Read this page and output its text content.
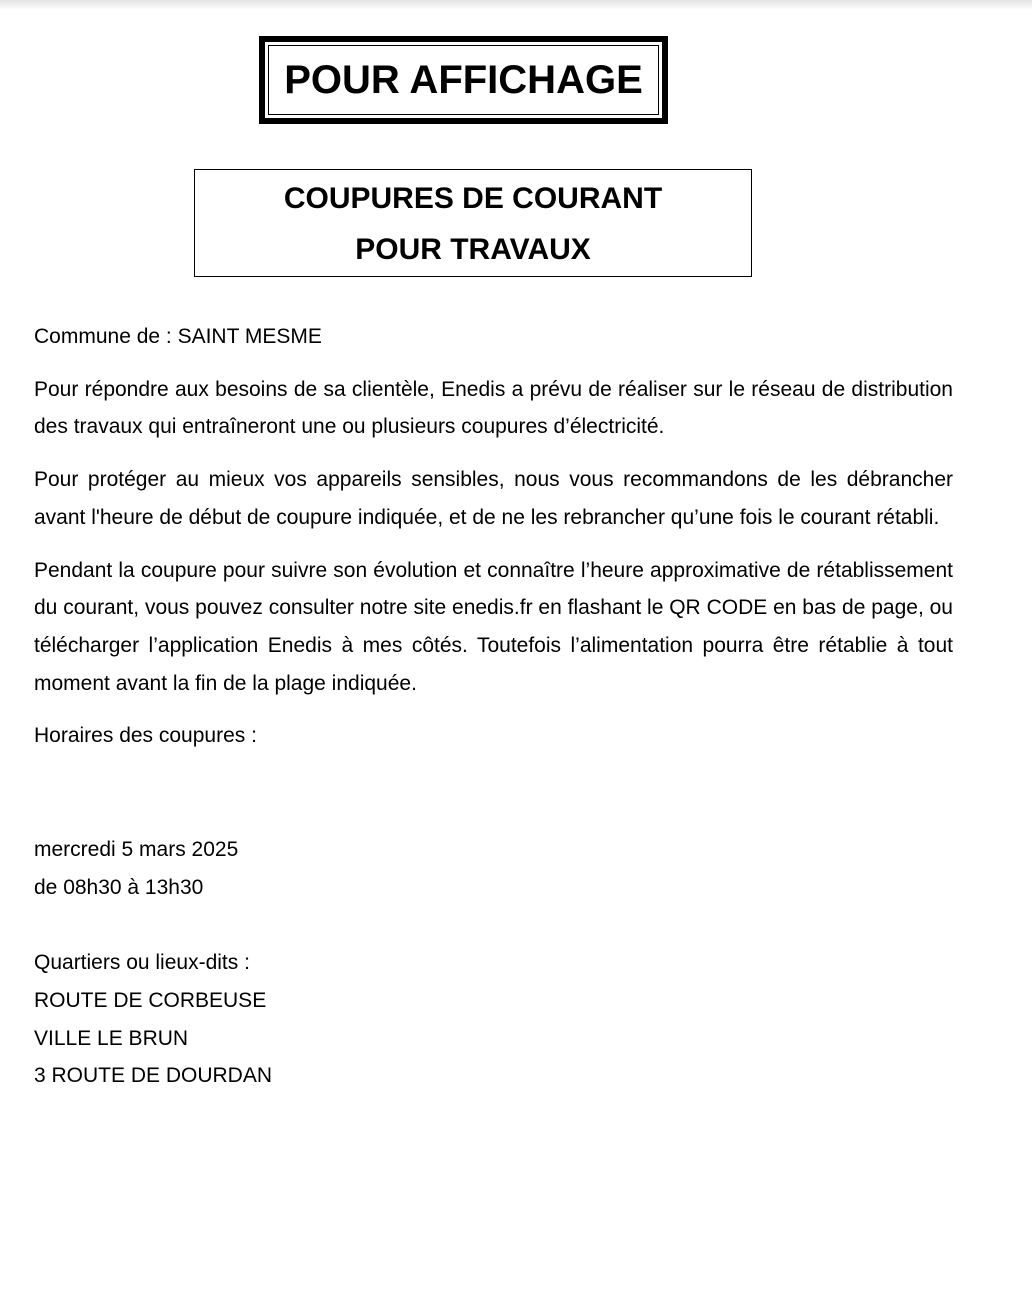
POUR AFFICHAGE
COUPURES DE COURANT
POUR TRAVAUX

Commune de : SAINT MESME

Pour répondre aux besoins de sa clientèle, Enedis a prévu de réaliser sur le réseau de distribution des travaux qui entraîneront une ou plusieurs coupures d’électricité.

Pour protéger au mieux vos appareils sensibles, nous vous recommandons de les débrancher avant l'heure de début de coupure indiquée, et de ne les rebrancher qu’une fois le courant rétabli.

Pendant la coupure pour suivre son évolution et connaître l’heure approximative de rétablissement du courant, vous pouvez consulter notre site enedis.fr en flashant le QR CODE en bas de page, ou télécharger l’application Enedis à mes côtés. Toutefois l’alimentation pourra être rétablie à tout moment avant la fin de la plage indiquée.

Horaires des coupures :

mercredi 5 mars 2025
de 08h30 à 13h30
Quartiers ou lieux-dits :
ROUTE DE CORBEUSE
VILLE LE BRUN
3 ROUTE DE DOURDAN
